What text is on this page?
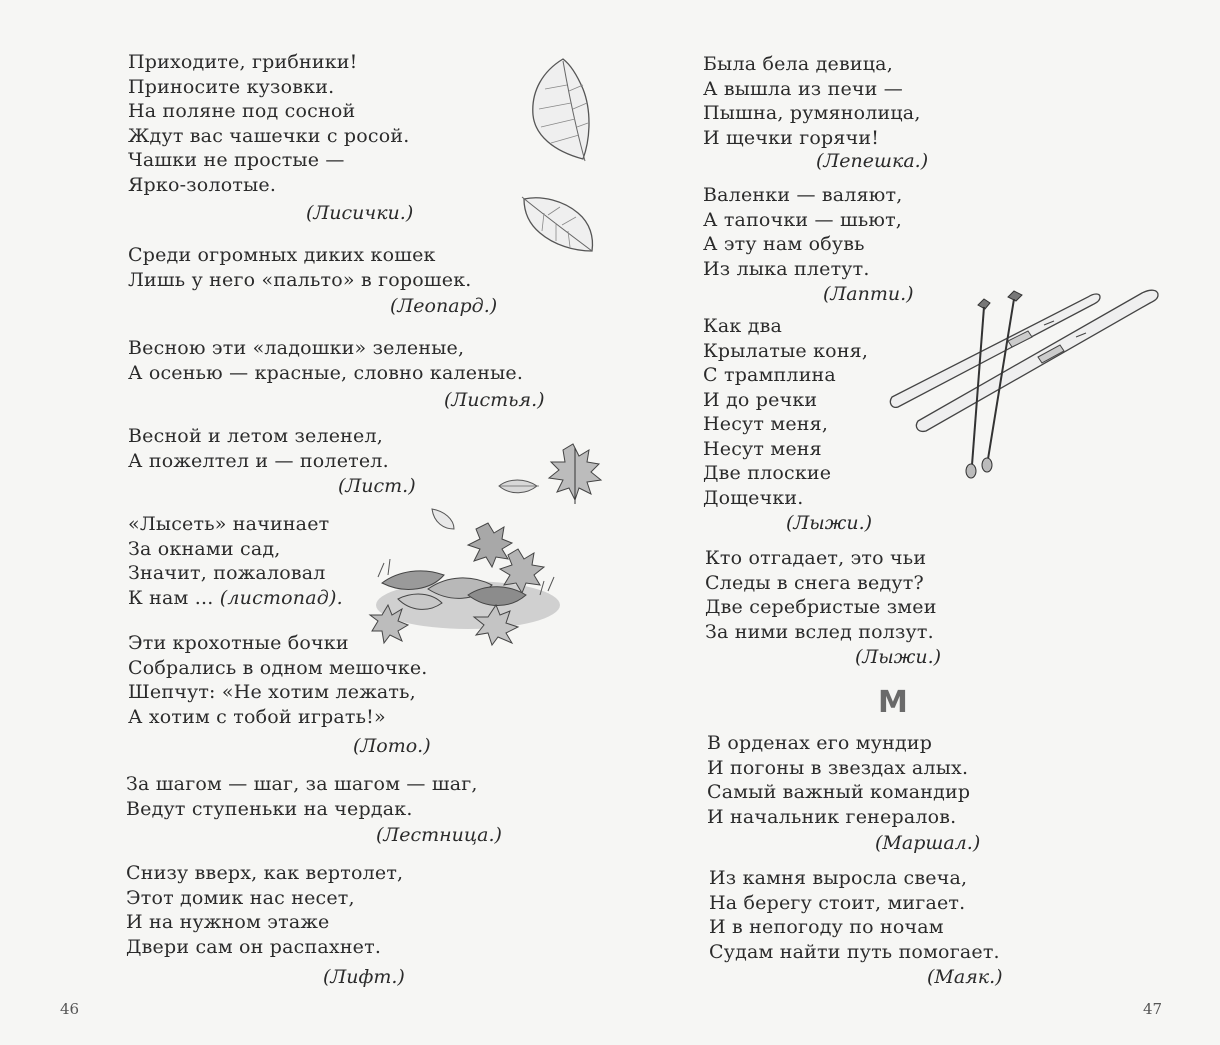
Приходите, грибники!
Приносите кузовки.
На поляне под сосной
Ждут вас чашечки с росой.
Чашки не простые —
Ярко-золотые.
(Лисички.)
Среди огромных диких кошек
Лишь у него «пальто» в горошек.
(Леопард.)
Весною эти «ладошки» зеленые,
А осенью — красные, словно каленые.
(Листья.)
Весной и летом зеленел,
А пожелтел и — полетел.
(Лист.)
«Лысеть» начинает
За окнами сад,
Значит, пожаловал
К нам ... (листопад).
Эти крохотные бочки
Собрались в одном мешочке.
Шепчут: «Не хотим лежать,
А хотим с тобой играть!»
(Лото.)
За шагом — шаг, за шагом — шаг,
Ведут ступеньки на чердак.
(Лестница.)
Снизу вверх, как вертолет,
Этот домик нас несет,
И на нужном этаже
Двери сам он распахнет.
(Лифт.)
46
Была бела девица,
А вышла из печи —
Пышна, румянолица,
И щечки горячи!
(Лепешка.)
Валенки — валяют,
А тапочки — шьют,
А эту нам обувь
Из лыка плетут.
(Лапти.)
Как два
Крылатые коня,
С трамплина
И до речки
Несут меня,
Несут меня
Две плоские
Дощечки.
(Лыжи.)
Кто отгадает, это чьи
Следы в снега ведут?
Две серебристые змеи
За ними вслед ползут.
(Лыжи.)
М
В орденах его мундир
И погоны в звездах алых.
Самый важный командир
И начальник генералов.
(Маршал.)
Из камня выросла свеча,
На берегу стоит, мигает.
И в непогоду по ночам
Судам найти путь помогает.
(Маяк.)
47
